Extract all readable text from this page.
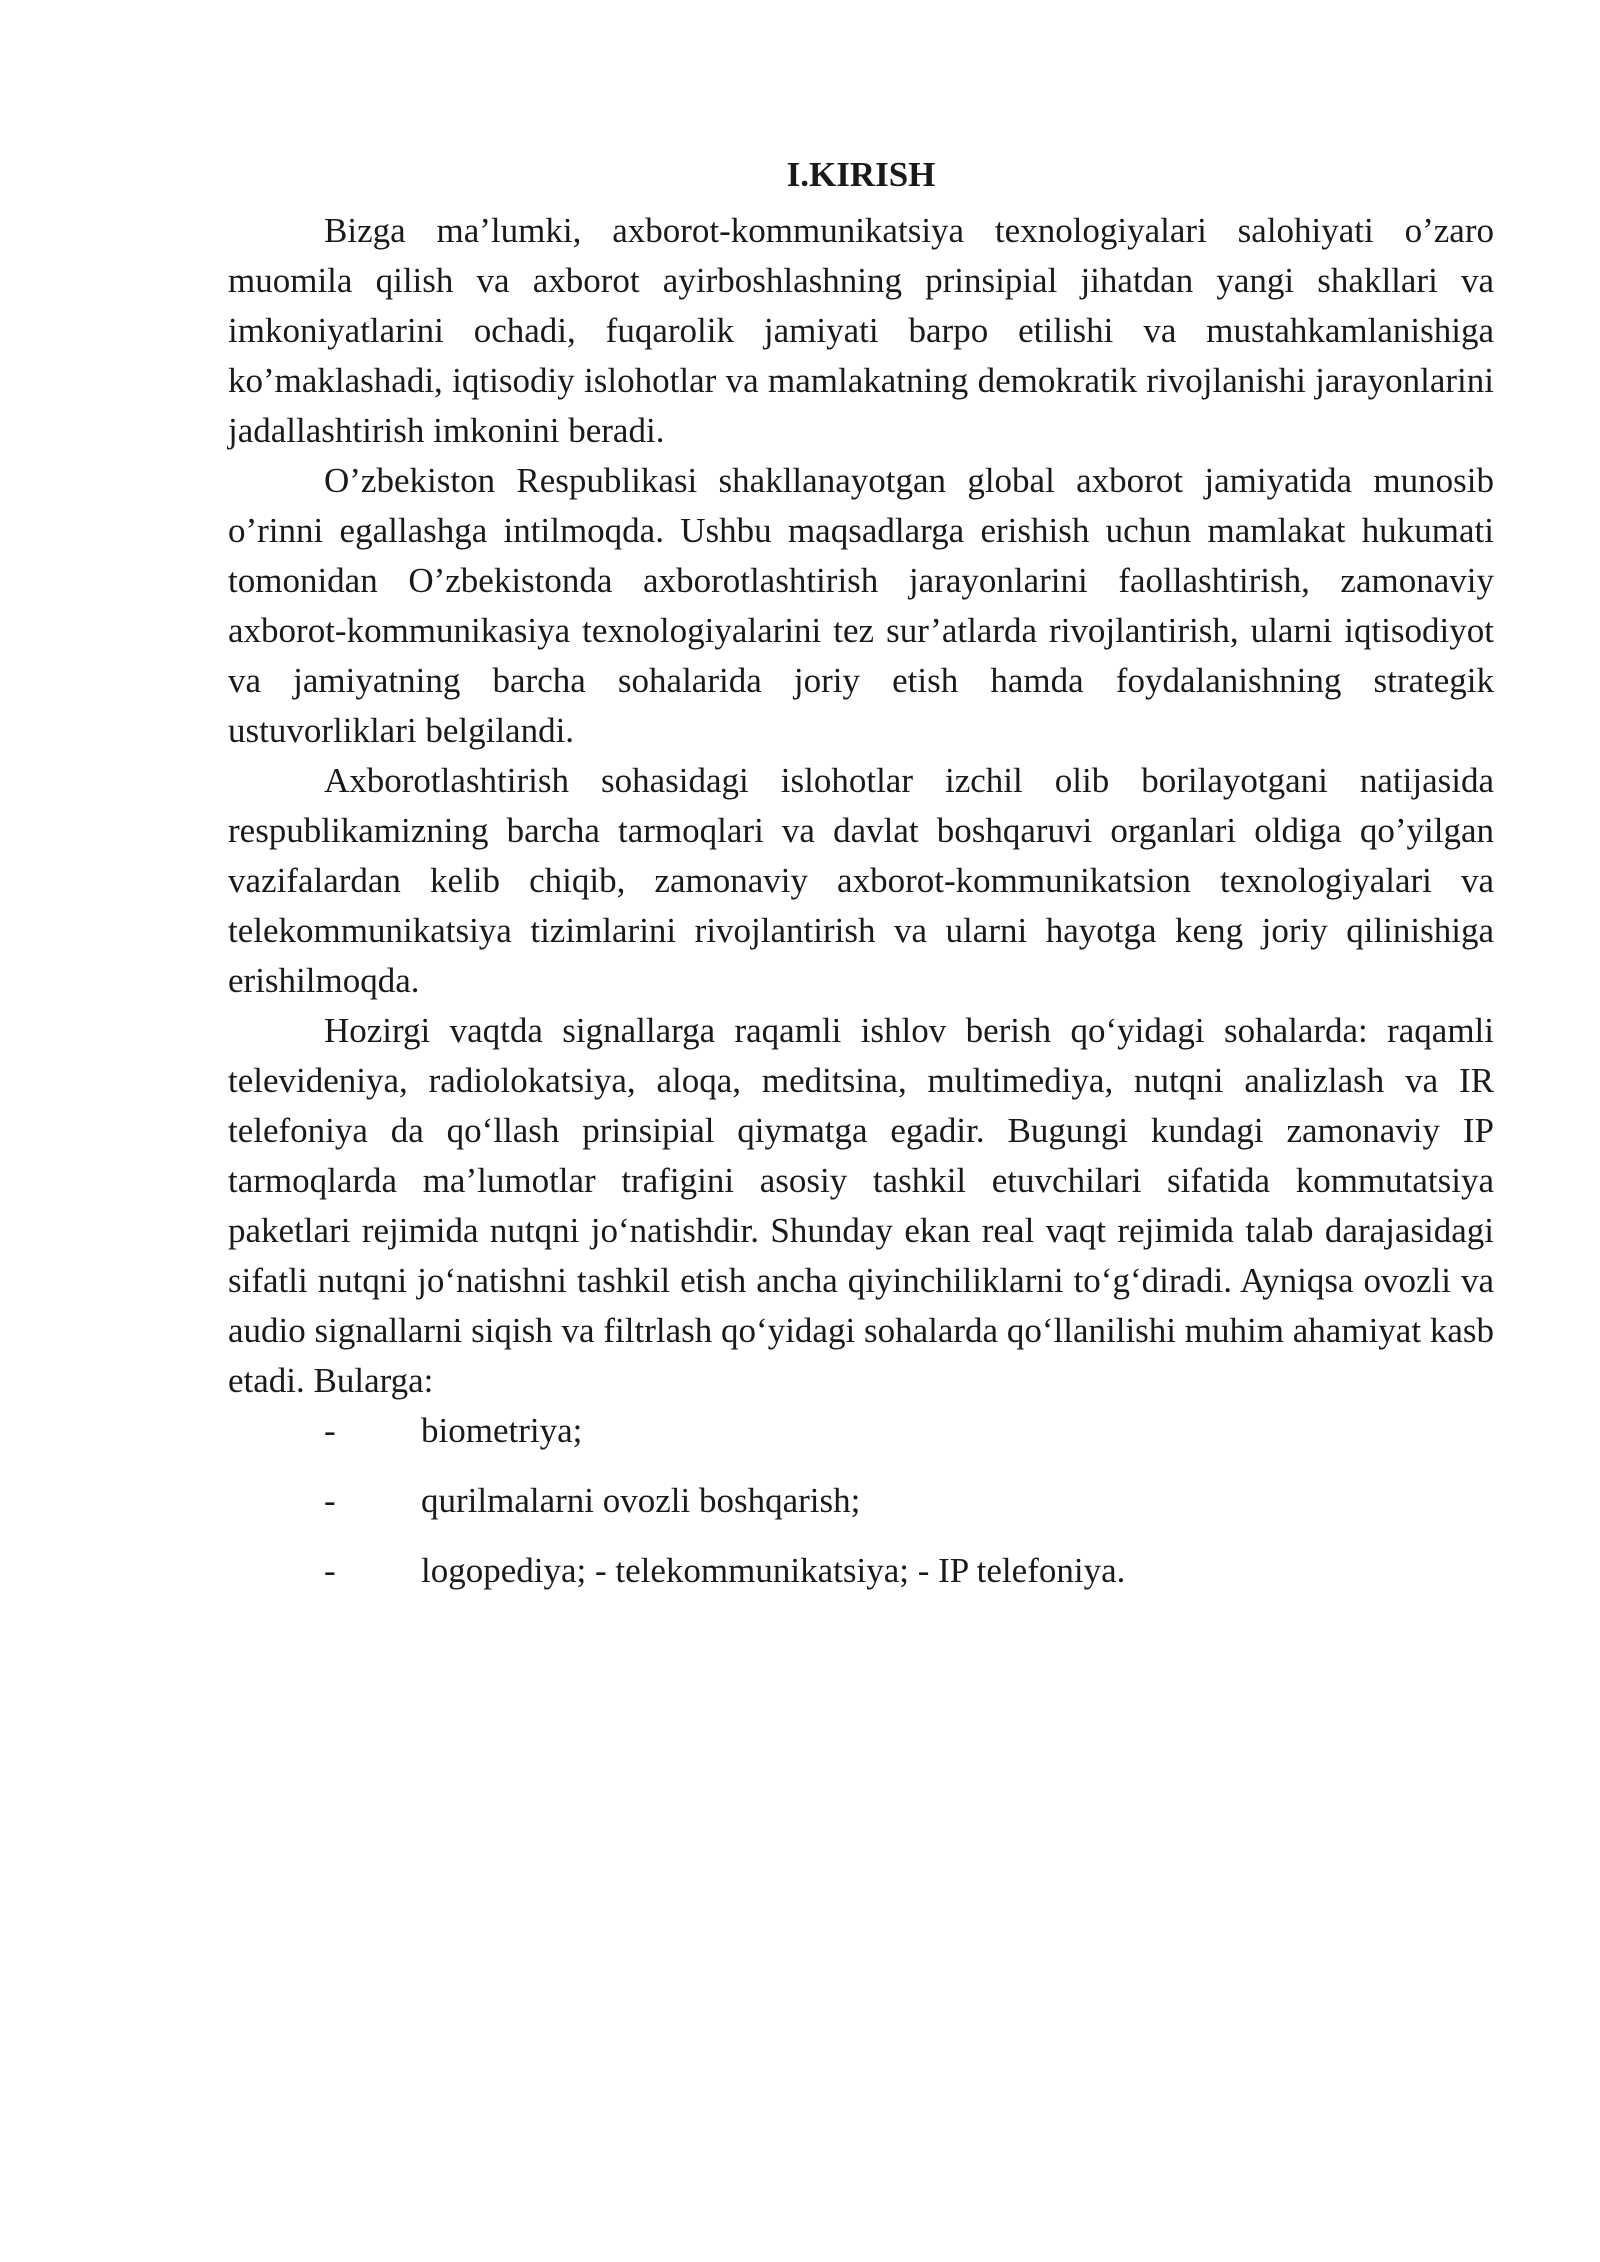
I.KIRISH

Bizga ma’lumki, axborot-kommunikatsiya texnologiyalari salohiyati o’zaro muomila qilish va axborot ayirboshlashning prinsipial jihatdan yangi shakllari va imkoniyatlarini ochadi, fuqarolik jamiyati barpo etilishi va mustahkamlanishiga ko’maklashadi, iqtisodiy islohotlar va mamlakatning demokratik rivojlanishi jarayonlarini jadallashtirish imkonini beradi.

O’zbekiston Respublikasi shakllanayotgan global axborot jamiyatida munosib o’rinni egallashga intilmoqda. Ushbu maqsadlarga erishish uchun mamlakat hukumati tomonidan O’zbekistonda axborotlashtirish jarayonlarini faollashtirish, zamonaviy axborot-kommunikasiya texnologiyalarini tez sur’atlarda rivojlantirish, ularni iqtisodiyot va jamiyatning barcha sohalarida joriy etish hamda foydalanishning strategik ustuvorliklari belgilandi.

Axborotlashtirish sohasidagi islohotlar izchil olib borilayotgani natijasida respublikamizning barcha tarmoqlari va davlat boshqaruvi organlari oldiga qo’yilgan vazifalardan kelib chiqib, zamonaviy axborot-kommunikatsion texnologiyalari va telekommunikatsiya tizimlarini rivojlantirish va ularni hayotga keng joriy qilinishiga erishilmoqda.

Hozirgi vaqtda signallarga raqamli ishlov berish qo‘yidagi sohalarda: raqamli televideniya, radiolokatsiya, aloqa, meditsina, multimediya, nutqni analizlash va IR telefoniya da qo‘llash prinsipial qiymatga egadir. Bugungi kundagi zamonaviy IP tarmoqlarda ma’lumotlar trafigini asosiy tashkil etuvchilari sifatida kommutatsiya paketlari rejimida nutqni jo‘natishdir. Shunday ekan real vaqt rejimida talab darajasidagi sifatli nutqni jo‘natishni tashkil etish ancha qiyinchiliklarni to‘g‘diradi. Ayniqsa ovozli va audio signallarni siqish va filtrlash qo‘yidagi sohalarda qo‘llanilishi muhim ahamiyat kasb etadi. Bularga:

- biometriya;
- qurilmalarni ovozli boshqarish;
- logopediya; - telekommunikatsiya; - IP telefoniya.
